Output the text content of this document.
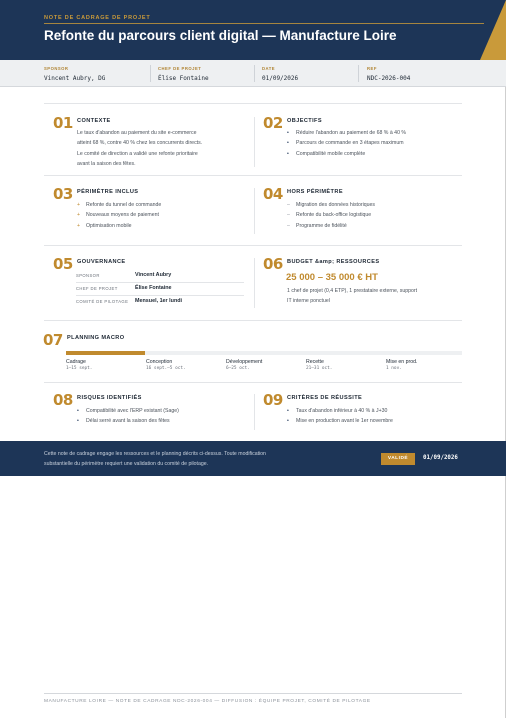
NOTE DE CADRAGE DE PROJET
Refonte du parcours client digital — Manufacture Loire
SPONSOR
Vincent Aubry, DG
CHEF DE PROJET
Élise Fontaine
DATE
01/09/2026
REF
NDC-2026-004
01 CONTEXTE
Le taux d'abandon au paiement du site e-commerce
atteint 68 %, contre 40 % chez les concurrents directs.
Le comité de direction a validé une refonte prioritaire
avant la saison des fêtes.
02 OBJECTIFS
• Réduire l'abandon au paiement de 68 % à 40 %
• Parcours de commande en 3 étapes maximum
• Compatibilité mobile complète
03 PÉRIMÈTRE INCLUS
+ Refonte du tunnel de commande
+ Nouveaux moyens de paiement
+ Optimisation mobile
04 HORS PÉRIMÈTRE
– Migration des données historiques
– Refonte du back-office logistique
– Programme de fidélité
05 GOUVERNANCE
SPONSOR	Vincent Aubry
CHEF DE PROJET	Élise Fontaine
COMITÉ DE PILOTAGE Mensuel, 1er lundi
06 BUDGET &amp; RESSOURCES
25 000 – 35 000 € HT
1 chef de projet (0,4 ETP), 1 prestataire externe, support
IT interne ponctuel
07 PLANNING MACRO
Cadrage
1–15 sept.
Conception
16 sept.–5 oct.
Développement
6–25 oct.
Recette
21–31 oct.
Mise en prod.
1 nov.
08 RISQUES IDENTIFIÉS
• Compatibilité avec l'ERP existant (Sage)
• Délai serré avant la saison des fêtes
09 CRITÈRES DE RÉUSSITE
• Taux d'abandon inférieur à 40 % à J+30
• Mise en production avant le 1er novembre
Cette note de cadrage engage les ressources et le planning décrits ci-dessus. Toute modification
substantielle du périmètre requiert une validation du comité de pilotage.
VALIDÉ	01/09/2026
MANUFACTURE LOIRE — NOTE DE CADRAGE NDC-2026-004 — DIFFUSION : ÉQUIPE PROJET, COMITÉ DE PILOTAGE
